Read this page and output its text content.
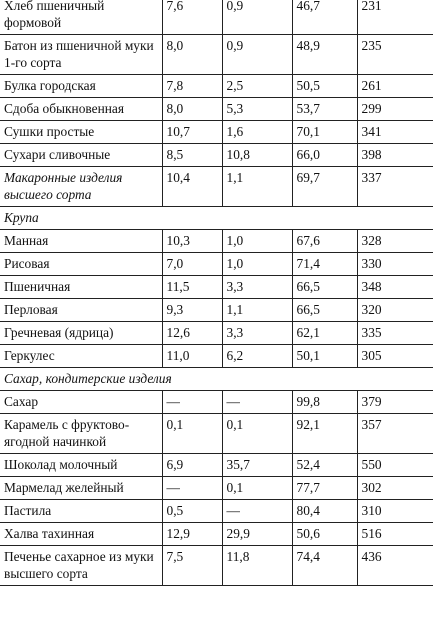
Хлеб пшеничный формовой	7,6	0,9	46,7	231
Батон из пшеничной муки 1-го сорта	8,0	0,9	48,9	235
Булка городская	7,8	2,5	50,5	261
Сдоба обыкновенная	8,0	5,3	53,7	299
Сушки простые	10,7	1,6	70,1	341
Сухари сливочные	8,5	10,8	66,0	398
Макаронные изделия высшего сорта	10,4	1,1	69,7	337
Крупа				
Манная	10,3	1,0	67,6	328
Рисовая	7,0	1,0	71,4	330
Пшеничная	11,5	3,3	66,5	348
Перловая	9,3	1,1	66,5	320
Гречневая (ядрица)	12,6	3,3	62,1	335
Геркулес	11,0	6,2	50,1	305
Сахар, кондитерские изделия				
Сахар	—	—	99,8	379
Карамель с фруктово-ягодной начинкой	0,1	0,1	92,1	357
Шоколад молочный	6,9	35,7	52,4	550
Мармелад желейный	—	0,1	77,7	302
Пастила	0,5	—	80,4	310
Халва тахинная	12,9	29,9	50,6	516
Печенье сахарное из муки высшего сорта	7,5	11,8	74,4	436
